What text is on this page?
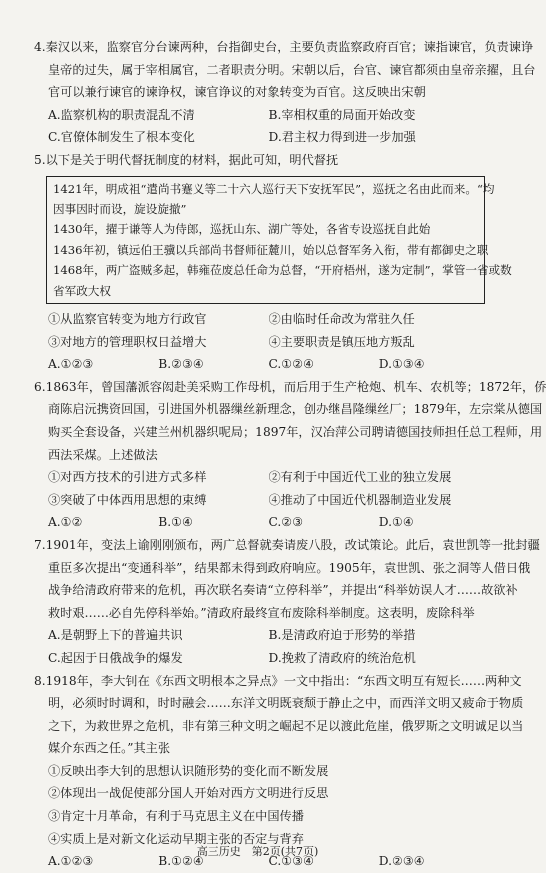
4.秦汉以来，监察官分台谏两种，台指御史台，主要负责监察政府百官；谏指谏官，负责谏诤
皇帝的过失，属于宰相属官，二者职责分明。宋朝以后，台官、谏官都须由皇帝亲擢，且台
官可以兼行谏官的谏诤权，谏官诤议的对象转变为百官。这反映出宋朝
A.监察机构的职责混乱不清	B.宰相权重的局面开始改变
C.官僚体制发生了根本变化	D.君主权力得到进一步加强
5.以下是关于明代督抚制度的材料，据此可知，明代督抚
1421年，明成祖“遣尚书蹇义等二十六人巡行天下安抚军民”，巡抚之名由此而来。“均
因事因时而设，旋设旋撤”
1430年，擢于谦等人为侍郎，巡抚山东、湖广等处，各省专设巡抚自此始
1436年初，镇远伯王骥以兵部尚书督师征麓川，始以总督军务入衔，带有都御史之职
1468年，两广盗贼多起，韩雍莅废总任命为总督，“开府梧州，遂为定制”，掌管一省或数
省军政大权
①从监察官转变为地方行政官	②由临时任命改为常驻久任
③对地方的管理职权日益增大	④主要职责是镇压地方叛乱
A.①②③	B.②③④	C.①②④	D.①③④
6.1863年，曾国藩派容闳赴美采购工作母机，而后用于生产枪炮、机车、农机等；1872年，侨
商陈启沅携资回国，引进国外机器缫丝新理念，创办继昌隆缫丝厂；1879年，左宗棠从德国
购买全套设备，兴建兰州机器织呢局；1897年，汉冶萍公司聘请德国技师担任总工程师，用
西法采煤。上述做法
①对西方技术的引进方式多样	②有利于中国近代工业的独立发展
③突破了中体西用思想的束缚	④推动了中国近代机器制造业发展
A.①②	B.①④	C.②③	D.①④
7.1901年，变法上谕刚刚颁布，两广总督就奏请废八股，改试策论。此后，袁世凯等一批封疆
重臣多次提出“变通科举”，结果都未得到政府响应。1905年，袁世凯、张之洞等人借日俄
战争给清政府带来的危机，再次联名奏请“立停科举”，并提出“科举妨误人才……故欲补
救时艰……必自先停科举始。”清政府最终宣布废除科举制度。这表明，废除科举
A.是朝野上下的普遍共识	B.是清政府迫于形势的举措
C.起因于日俄战争的爆发	D.挽救了清政府的统治危机
8.1918年，李大钊在《东西文明根本之异点》一文中指出：“东西文明互有短长……两种文
明，必须时时调和，时时融会……东洋文明既衰颓于静止之中，而西洋文明又疲命于物质
之下，为救世界之危机，非有第三种文明之崛起不足以渡此危崖，俄罗斯之文明诚足以当
媒介东西之任。”其主张
①反映出李大钊的思想认识随形势的变化而不断发展
②体现出一战促使部分国人开始对西方文明进行反思
③肯定十月革命，有利于马克思主义在中国传播
④实质上是对新文化运动早期主张的否定与背弃
A.①②③	B.①②④	C.①③④	D.②③④
高三历史　第2页(共7页)
